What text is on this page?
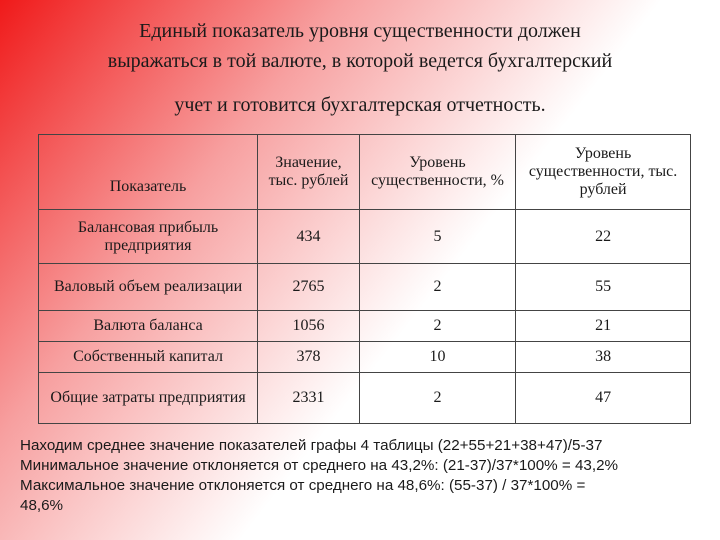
Единый показатель уровня существенности должен
выражаться в той валюте, в которой ведется бухгалтерский
учет и готовится бухгалтерская отчетность.
Показатель	Значение, тыс. рублей	Уровень существенности, %	Уровень существенности, тыс. рублей
Балансовая прибыль предприятия	434	5	22
Валовый объем реализации	2765	2	55
Валюта баланса	1056	2	21
Собственный капитал	378	10	38
Общие затраты предприятия	2331	2	47
Находим среднее значение показателей графы 4 таблицы (22+55+21+38+47)/5-37
Минимальное значение отклоняется от среднего на 43,2%: (21-37)/37*100% = 43,2%
Максимальное значение отклоняется от среднего на 48,6%: (55-37) / 37*100% =
48,6%
